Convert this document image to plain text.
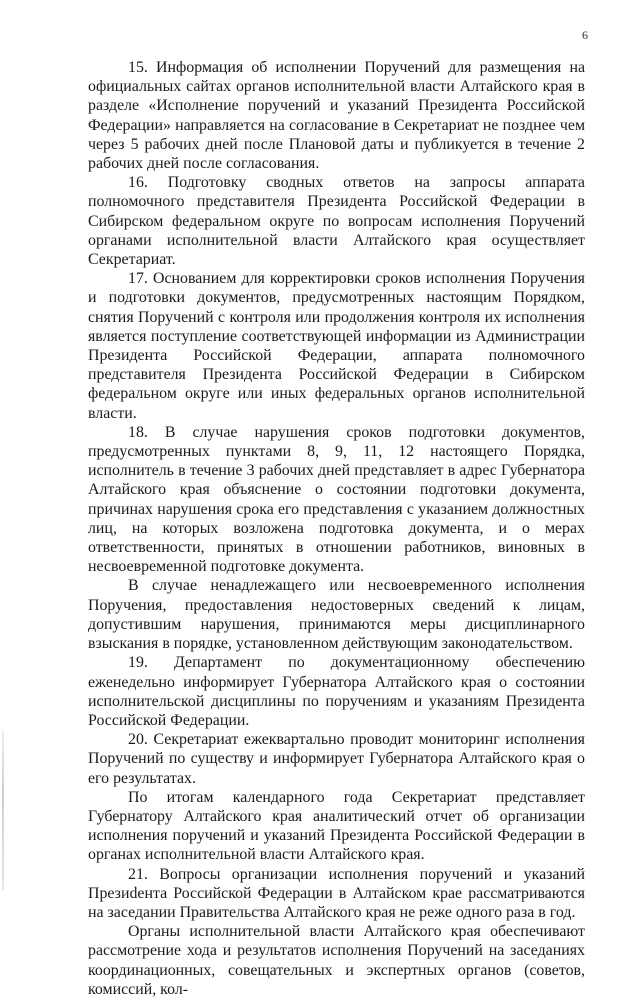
6

15. Информация об исполнении Поручений для размещения на официальных сайтах органов исполнительной власти Алтайского края в разделе «Исполнение поручений и указаний Президента Российской Федерации» направляется на согласование в Секретариат не позднее чем через 5 рабочих дней после Плановой даты и публикуется в течение 2 рабочих дней после согласования.

16. Подготовку сводных ответов на запросы аппарата полномочного представителя Президента Российской Федерации в Сибирском федеральном округе по вопросам исполнения Поручений органами исполнительной власти Алтайского края осуществляет Секретариат.

17. Основанием для корректировки сроков исполнения Поручения и подготовки документов, предусмотренных настоящим Порядком, снятия Поручений с контроля или продолжения контроля их исполнения является поступление соответствующей информации из Администрации Президента Российской Федерации, аппарата полномочного представителя Президента Российской Федерации в Сибирском федеральном округе или иных федеральных органов исполнительной власти.

18. В случае нарушения сроков подготовки документов, предусмотренных пунктами 8, 9, 11, 12 настоящего Порядка, исполнитель в течение 3 рабочих дней представляет в адрес Губернатора Алтайского края объяснение о состоянии подготовки документа, причинах нарушения срока его представления с указанием должностных лиц, на которых возложена подготовка документа, и о мерах ответственности, принятых в отношении работников, виновных в несвоевременной подготовке документа.

В случае ненадлежащего или несвоевременного исполнения Поручения, предоставления недостоверных сведений к лицам, допустившим нарушения, принимаются меры дисциплинарного взыскания в порядке, установленном действующим законодательством.

19. Департамент по документационному обеспечению еженедельно информирует Губернатора Алтайского края о состоянии исполнительской дисциплины по поручениям и указаниям Президента Российской Федерации.

20. Секретариат ежеквартально проводит мониторинг исполнения Поручений по существу и информирует Губернатора Алтайского края о его результатах.

По итогам календарного года Секретариат представляет Губернатору Алтайского края аналитический отчет об организации исполнения поручений и указаний Президента Российской Федерации в органах исполнительной власти Алтайского края.

21. Вопросы организации исполнения поручений и указаний Презиdента Российской Федерации в Алтайском крае рассматриваются на заседании Правительства Алтайского края не реже одного раза в год.

Органы исполнительной власти Алтайского края обеспечивают рассмотрение хода и результатов исполнения Поручений на заседаниях координационных, совещательных и экспертных органов (советов, комиссий, кол-
